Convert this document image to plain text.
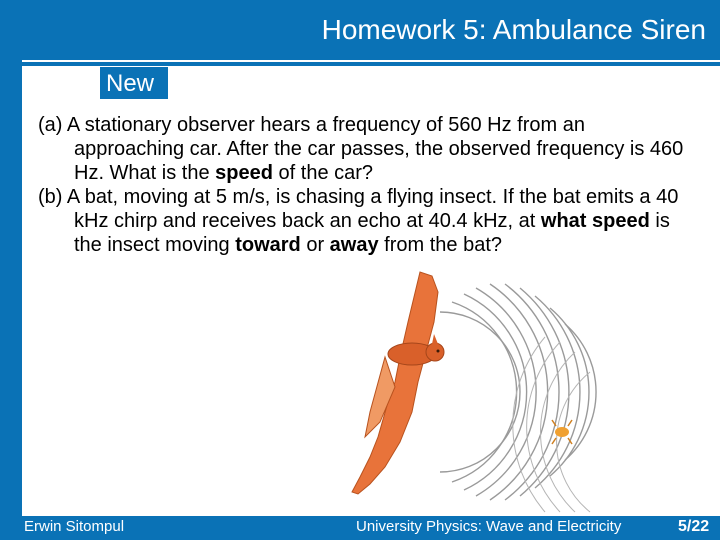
Homework 5: Ambulance Siren
New
(a) A stationary observer hears a frequency of 560 Hz from an approaching car. After the car passes, the observed frequency is 460 Hz. What is the speed of the car?
(b) A bat, moving at 5 m/s, is chasing a flying insect. If the bat emits a 40 kHz chirp and receives back an echo at 40.4 kHz, at what speed is the insect moving toward or away from the bat?
Erwin Sitompul	University Physics: Wave and Electricity	5/22
